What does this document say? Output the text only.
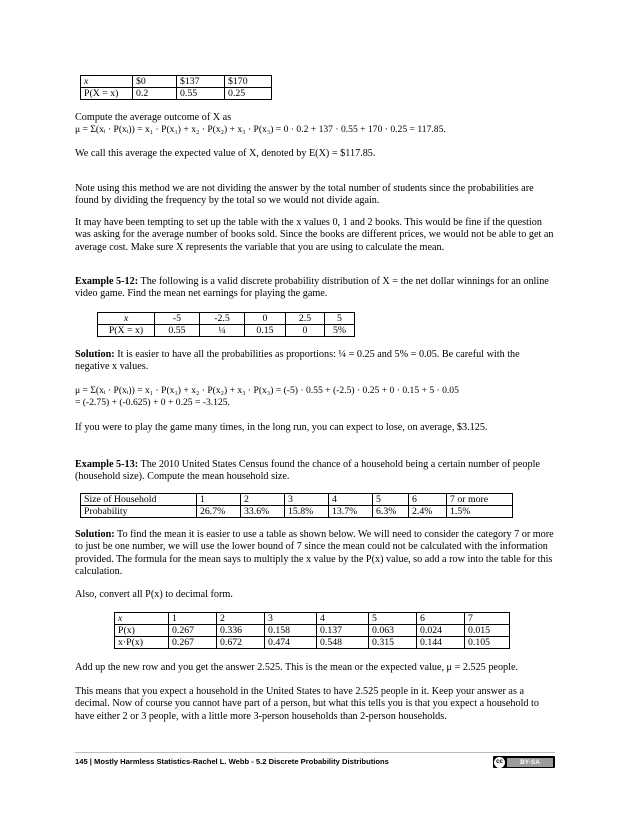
x	$0	$137	$170
P(X = x)	0.2	0.55	0.25

Compute the average outcome of X as

μ = Σ(xᵢ · P(xᵢ)) = x₁ · P(x₁) + x₂ · P(x₂) + x₃ · P(x₃) = 0 · 0.2 + 137 · 0.55 + 170 · 0.25 = 117.85.

We call this average the expected value of X, denoted by E(X) = $117.85.

Note using this method we are not dividing the answer by the total number of students since the probabilities are found by dividing the frequency by the total so we would not divide again.

It may have been tempting to set up the table with the x values 0, 1 and 2 books. This would be fine if the question was asking for the average number of books sold. Since the books are different prices, we would not be able to get an average cost. Make sure X represents the variable that you are using to calculate the mean.

Example 5-12: The following is a valid discrete probability distribution of X = the net dollar winnings for an online video game. Find the mean net earnings for playing the game.

x	-5	-2.5	0	2.5	5
P(X = x)	0.55	¼	0.15	0	5%

Solution: It is easier to have all the probabilities as proportions: ¼ = 0.25 and 5% = 0.05. Be careful with the negative x values.

μ = Σ(xᵢ · P(xᵢ)) = x₁ · P(x₁) + x₂ · P(x₂) + x₃ · P(x₃) = (-5) · 0.55 + (-2.5) · 0.25 + 0 · 0.15 + 5 · 0.05

= (-2.75) + (-0.625) + 0 + 0.25 = -3.125.

If you were to play the game many times, in the long run, you can expect to lose, on average, $3.125.

Example 5-13: The 2010 United States Census found the chance of a household being a certain number of people (household size). Compute the mean household size.

Size of Household	1	2	3	4	5	6	7 or more
Probability	26.7%	33.6%	15.8%	13.7%	6.3%	2.4%	1.5%

Solution: To find the mean it is easier to use a table as shown below. We will need to consider the category 7 or more to just be one number, we will use the lower bound of 7 since the mean could not be calculated with the information provided. The formula for the mean says to multiply the x value by the P(x) value, so add a row into the table for this calculation.

Also, convert all P(x) to decimal form.

x	1	2	3	4	5	6	7
P(x)	0.267	0.336	0.158	0.137	0.063	0.024	0.015
x·P(x)	0.267	0.672	0.474	0.548	0.315	0.144	0.105

Add up the new row and you get the answer 2.525. This is the mean or the expected value, μ = 2.525 people.

This means that you expect a household in the United States to have 2.525 people in it. Keep your answer as a decimal. Now of course you cannot have part of a person, but what this tells you is that you expect a household to have either 2 or 3 people, with a little more 3-person households than 2-person households.

145 | Mostly Harmless Statistics-Rachel L. Webb - 5.2 Discrete Probability Distributions	cc	BY-SA
